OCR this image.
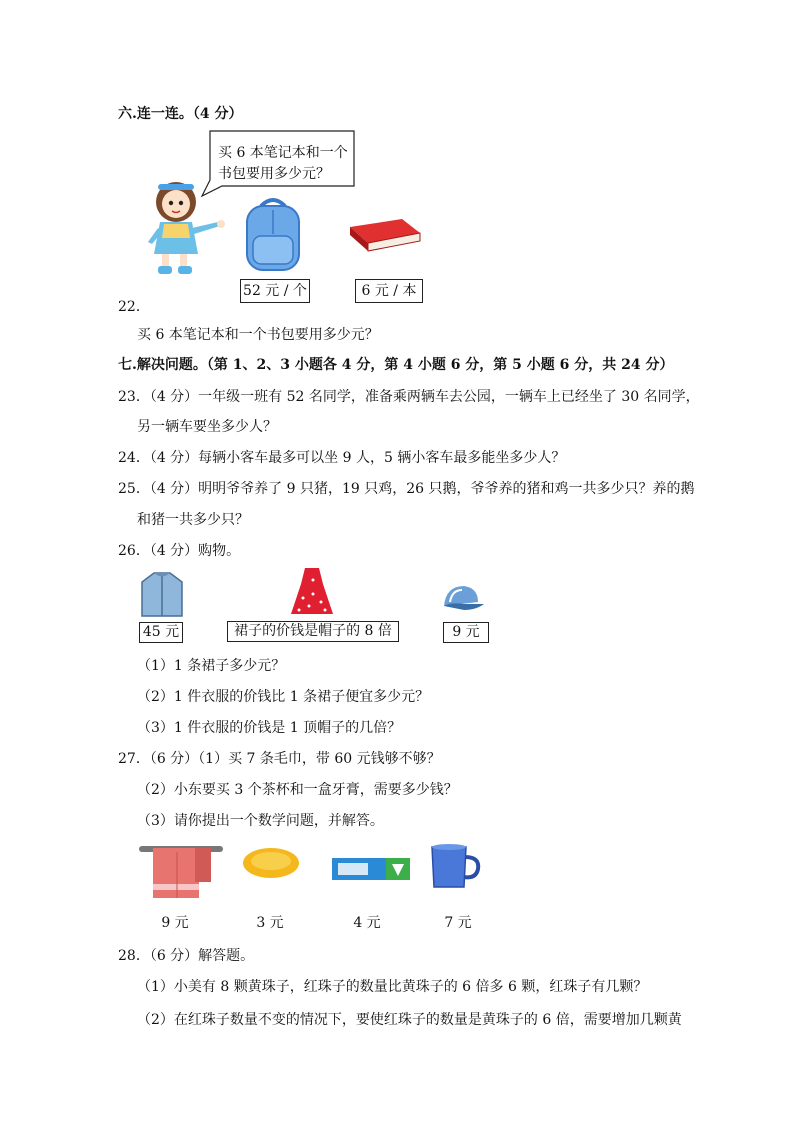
六.连一连。（4 分）
买 6 本笔记本和一个
书包要用多少元？
52 元 / 个	6 元 / 本
22．
买 6 本笔记本和一个书包要用多少元？
七.解决问题。（第 1、2、3 小题各 4 分，第 4 小题 6 分，第 5 小题 6 分，共 24 分）
23．（4 分）一年级一班有 52 名同学，准备乘两辆车去公园，一辆车上已经坐了 30 名同学，
另一辆车要坐多少人？
24．（4 分）每辆小客车最多可以坐 9 人，5 辆小客车最多能坐多少人？
25．（4 分）明明爷爷养了 9 只猪，19 只鸡，26 只鹅，爷爷养的猪和鸡一共多少只？养的鹅
和猪一共多少只？
26．（4 分）购物。
45 元	裙子的价钱是帽子的 8 倍	9 元
（1）1 条裙子多少元？
（2）1 件衣服的价钱比 1 条裙子便宜多少元？
（3）1 件衣服的价钱是 1 顶帽子的几倍？
27．（6 分）（1）买 7 条毛巾，带 60 元钱够不够？
（2）小东要买 3 个茶杯和一盒牙膏，需要多少钱？
（3）请你提出一个数学问题，并解答。
9 元	3 元	4 元	7 元
28．（6 分）解答题。
（1）小美有 8 颗黄珠子，红珠子的数量比黄珠子的 6 倍多 6 颗，红珠子有几颗？
（2）在红珠子数量不变的情况下，要使红珠子的数量是黄珠子的 6 倍，需要增加几颗黄
